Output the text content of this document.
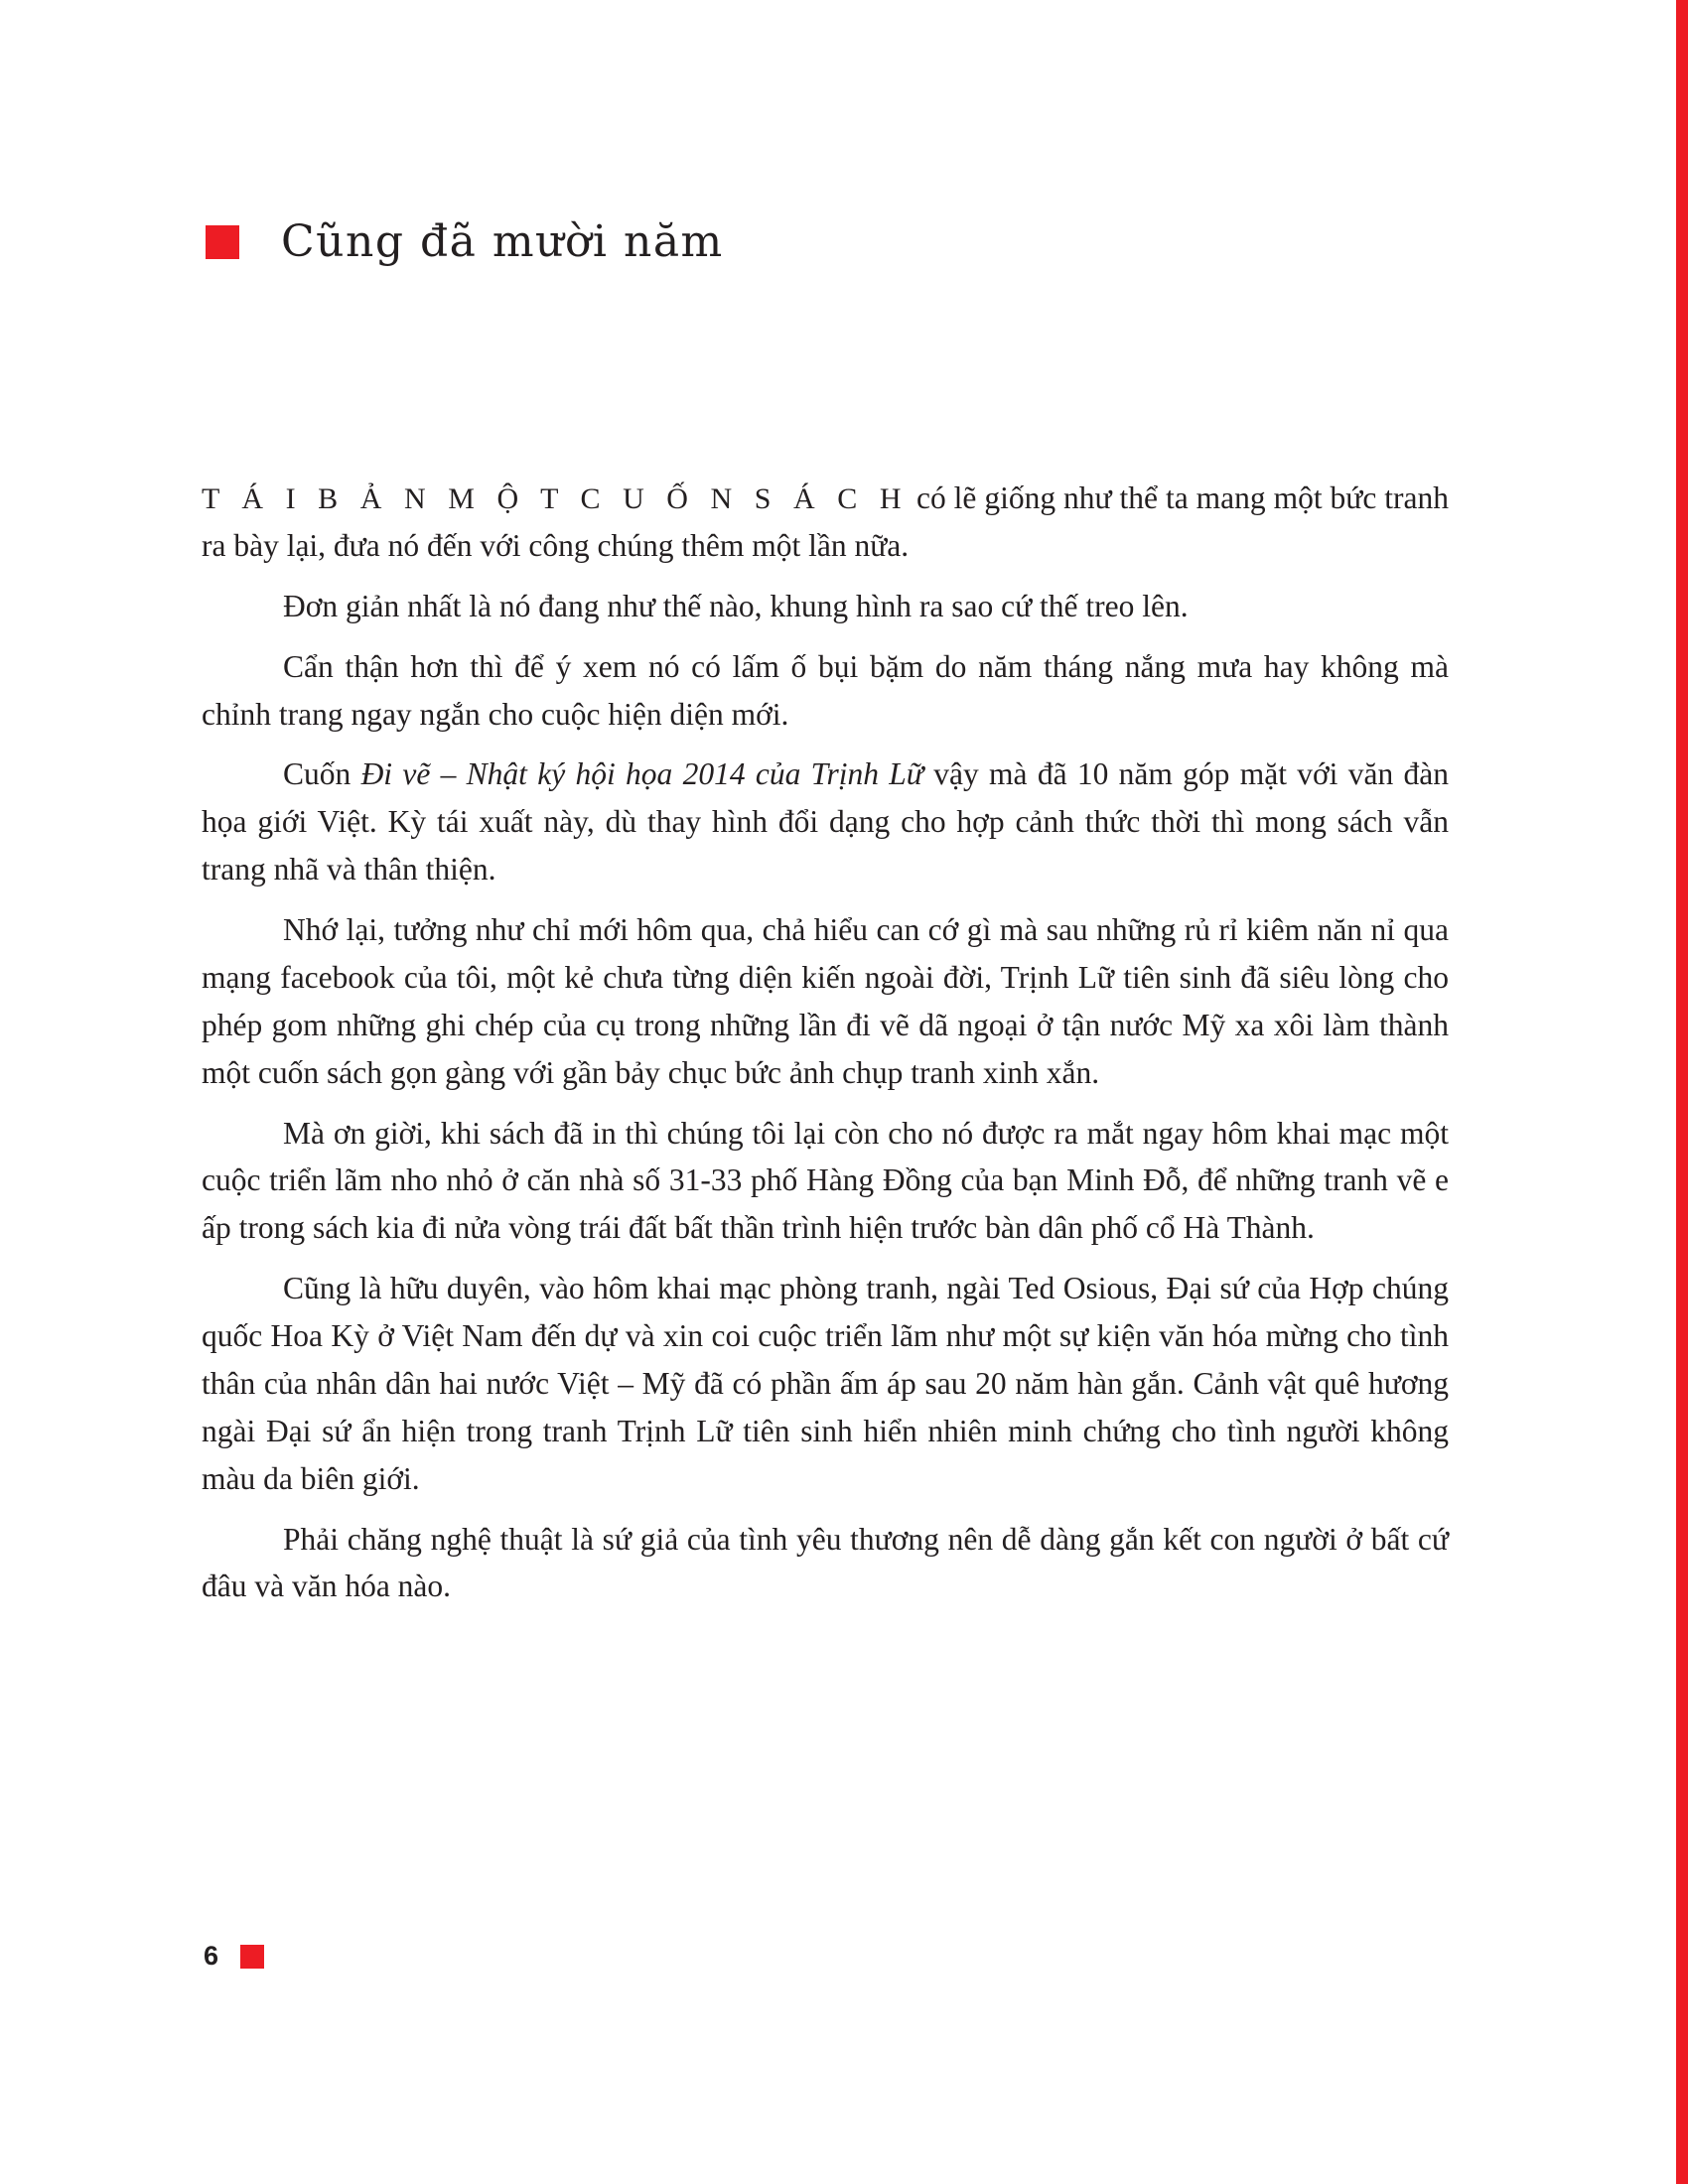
Cũng đã mười năm

T Á I B Ả N M Ộ T C U Ố N S Á C H có lẽ giống như thể ta mang một bức tranh ra bày lại, đưa nó đến với công chúng thêm một lần nữa.

Đơn giản nhất là nó đang như thế nào, khung hình ra sao cứ thế treo lên.

Cẩn thận hơn thì để ý xem nó có lấm ố bụi bặm do năm tháng nắng mưa hay không mà chỉnh trang ngay ngắn cho cuộc hiện diện mới.

Cuốn Đi vẽ – Nhật ký hội họa 2014 của Trịnh Lữ vậy mà đã 10 năm góp mặt với văn đàn họa giới Việt. Kỳ tái xuất này, dù thay hình đổi dạng cho hợp cảnh thức thời thì mong sách vẫn trang nhã và thân thiện.

Nhớ lại, tưởng như chỉ mới hôm qua, chả hiểu can cớ gì mà sau những rủ rỉ kiêm năn nỉ qua mạng facebook của tôi, một kẻ chưa từng diện kiến ngoài đời, Trịnh Lữ tiên sinh đã siêu lòng cho phép gom những ghi chép của cụ trong những lần đi vẽ dã ngoại ở tận nước Mỹ xa xôi làm thành một cuốn sách gọn gàng với gần bảy chục bức ảnh chụp tranh xinh xắn.

Mà ơn giời, khi sách đã in thì chúng tôi lại còn cho nó được ra mắt ngay hôm khai mạc một cuộc triển lãm nho nhỏ ở căn nhà số 31-33 phố Hàng Đồng của bạn Minh Đỗ, để những tranh vẽ e ấp trong sách kia đi nửa vòng trái đất bất thần trình hiện trước bàn dân phố cổ Hà Thành.

Cũng là hữu duyên, vào hôm khai mạc phòng tranh, ngài Ted Osious, Đại sứ của Hợp chúng quốc Hoa Kỳ ở Việt Nam đến dự và xin coi cuộc triển lãm như một sự kiện văn hóa mừng cho tình thân của nhân dân hai nước Việt – Mỹ đã có phần ấm áp sau 20 năm hàn gắn. Cảnh vật quê hương ngài Đại sứ ẩn hiện trong tranh Trịnh Lữ tiên sinh hiển nhiên minh chứng cho tình người không màu da biên giới.

Phải chăng nghệ thuật là sứ giả của tình yêu thương nên dễ dàng gắn kết con người ở bất cứ đâu và văn hóa nào.

6
